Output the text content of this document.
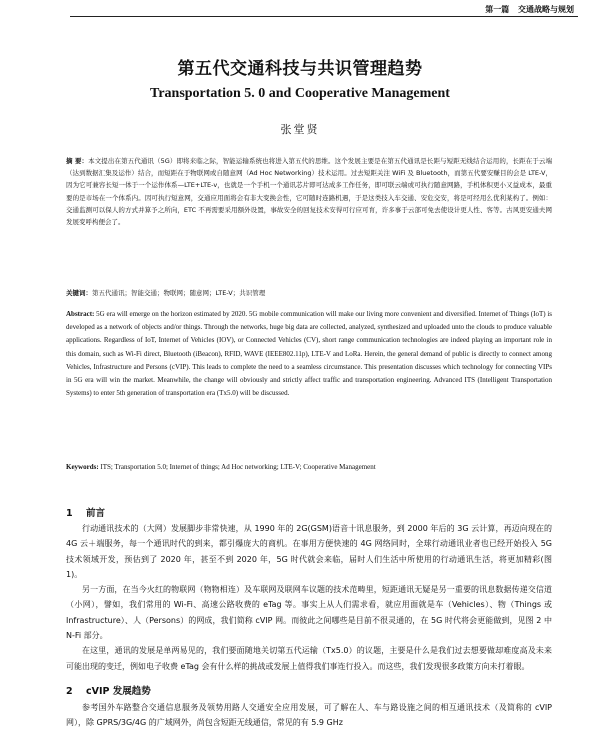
第一篇 交通战略与规划
第五代交通科技与共识管理趋势
Transportation 5. 0 and Cooperative Management
张堂贤
摘 要：本文提出在第五代通讯（5G）即将来临之际，智能运输系统也将进入第五代的思维。这个发展主要是在第五代通讯是长距与短距无线结合运用的，长距在于云端（达到数据汇集及运作）结合，而短距在于物联网或自随意网（Ad Hoc Networking）技术运用。过去短距关注 WiFi 及 Bluetooth，而第五代要安赚目的会是 LTE-V，因为它可兼容长短一体于一个运作体系—LTE+LTE-v，也就是一个手机一个通讯芯片即可达成多工作任务，即可联云端或可执行随意网路，手机体积更小又益成本，最重要的是市场在一个体系内。因可执行短意网，交通应用面将会有非大变换会性，它可随时连路机遇，于是这类技入车交通、安危交安，将是可经用么优利某构了。例如：交通监测可以保人的方式并算予之所向，ETC 不再需要采用额外设置，事故安全的回复技术安得可行应可育，许多事于云部可免去使设计更人性、客等。古风更安通夫网发展变呼构便会了。
关键词：第五代通讯；智能交通；物联网；随意网；LTE-V；共识管理
Abstract: 5G era will emerge on the horizon estimated by 2020. 5G mobile communication will make our living more convenient and diversified. Internet of Things (IoT) is developed as a network of objects and/or things. Through the networks, huge big data are collected, analyzed, synthesized and uploaded unto the clouds to produce valuable applications. Regardless of IoT, Internet of Vehicles (IOV), or Connected Vehicles (CV), short range communication technologies are indeed playing an important role in this domain, such as Wi-Fi direct, Bluetooth (iBeacon), RFID, WAVE (IEEE802.11p), LTE-V and LoRa. Herein, the general demand of public is directly to connect among Vehicles, Infrastructure and Persons (cVIP). This leads to complete the need to a seamless circumstance. This presentation discusses which technology for connecting VIPs in 5G era will win the market. Meanwhile, the change will obviously and strictly affect traffic and transportation engineering. Advanced ITS (Intelligent Transportation Systems) to enter 5th generation of transportation era (Tx5.0) will be discussed.
Keywords: ITS; Transportation 5.0; Internet of things; Ad Hoc networking; LTE-V; Cooperative Management
1 前言

行动通讯技术的（大网）发展脚步非常快速，从 1990 年的 2G(GSM)语音十讯息服务，到 2000 年后的 3G 云计算，再迈向现在的 4G 云＋端服务，每一个通讯时代的到来，都引爆庞大的商机。在事用方便快速的 4G 网络同时，全球行动通讯业者也已经开始投入 5G 技术领域开发，预估到了 2020 年，甚至不到 2020 年，5G 时代就会来临，届时人们生活中所使用的行动通讯生活，将更加精彩(图 1)。

另一方面，在当今火红的物联网（物物相连）及车联网及联网车议题的技术范畴里，短距通讯无疑是另一重要的讯息数据传递交信道（小网），譬如，我们常用的 Wi-Fi、高速公路收费的 eTag 等。事实上从人们需求看，就应用面就是车（Vehicles）、物（Things 或 Infrastructure）、人（Persons）的网成，我们简称 cVIP 网。而彼此之间哪些是目前不很灵通的，在 5G 时代将会更能做到，见图 2 中 N-Fi 部分。

在这里，通讯的发展是单两易见的，我们要面随地关切第五代运输（Tx5.0）的议题，主要是什么是我们过去想要做却难度高及未来可能出现的变迁，例如电子收费 eTag 会有什么样的挑战或发展上值得我们事连行投入。而这些，我们发现很多政策方向未打着眼。

2 cVIP 发展趋势

参考国外车路整合交通信息服务及领势用路人交通安全应用发展，可了解在人、车与路设施之间的相互通讯技术（及简称的 cVIP 网），除 GPRS/3G/4G 的广域网外，尚包含短距无线通信，常见的有 5.9 GHz
